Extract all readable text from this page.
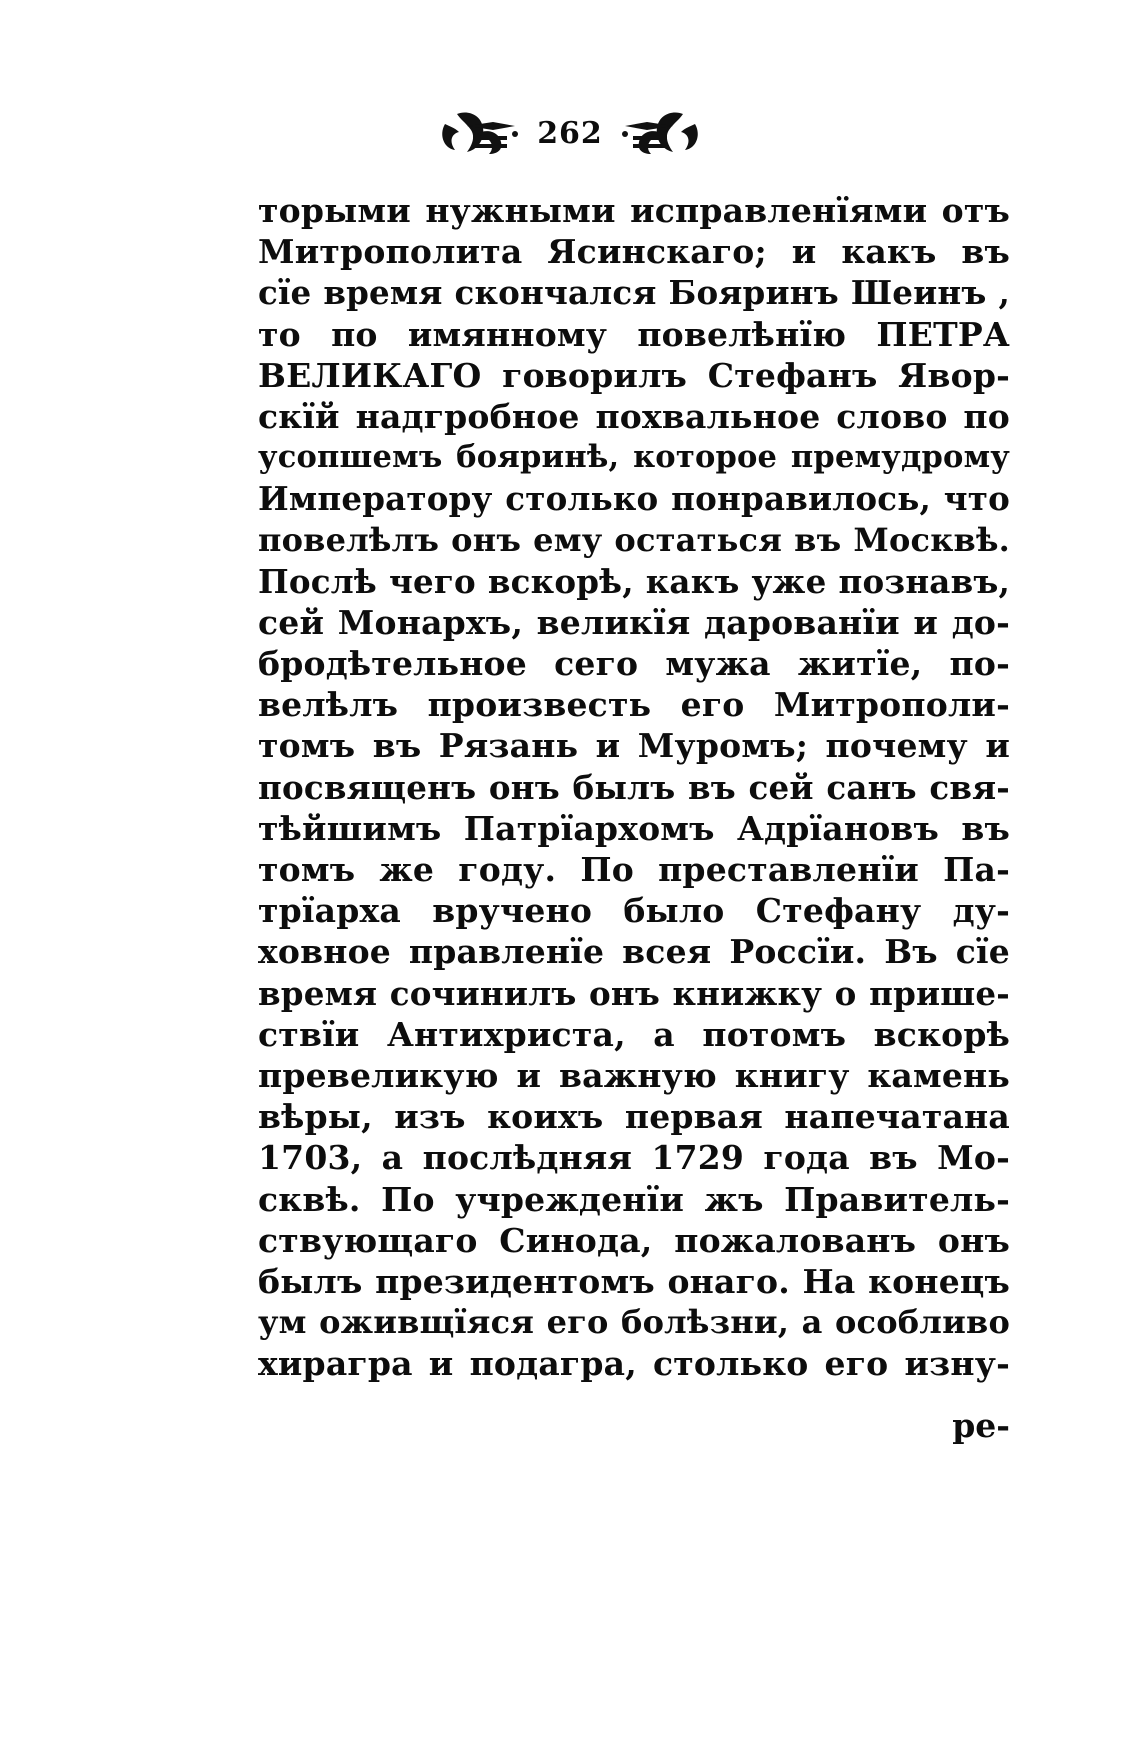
262
торыми нужными исправленїями отъ
Митрополита Ясинскаго; и какъ въ
сїе время скончался Бояринъ Шеинъ ,
то по имянному повелѣнїю ПЕТРА
ВЕЛИКАГО говорилъ Стефанъ Явор-
скїй надгробное похвальное слово по
усопшемъ бояринѣ, которое премудрому
Императору столько понравилось, что
повелѣлъ онъ ему остаться въ Москвѣ.
Послѣ чего вскорѣ, какъ уже познавъ,
сей Монархъ, великїя дарованїи и до-
бродѣтельное сего мужа житїе, по-
велѣлъ произвесть его Митрополи-
томъ въ Рязань и Муромъ; почему и
посвященъ онъ былъ въ сей санъ свя-
тѣйшимъ Патрїархомъ Адрїановъ въ
томъ же году. По преставленїи Па-
трїарха вручено было Стефану ду-
ховное правленїе всея Россїи. Въ сїе
время сочинилъ онъ книжку о прише-
ствїи Антихриста, а потомъ вскорѣ
превеликую и важную книгу камень
вѣры, изъ коихъ первая напечатана
1703, а послѣдняя 1729 года въ Мо-
сквѣ. По учрежденїи жъ Правитель-
ствующаго Синода, пожалованъ онъ
былъ президентомъ онаго. На конецъ
ум оживщїяся его болѣзни, а особливо
хирагра и подагра, столько его изну-
ре-
